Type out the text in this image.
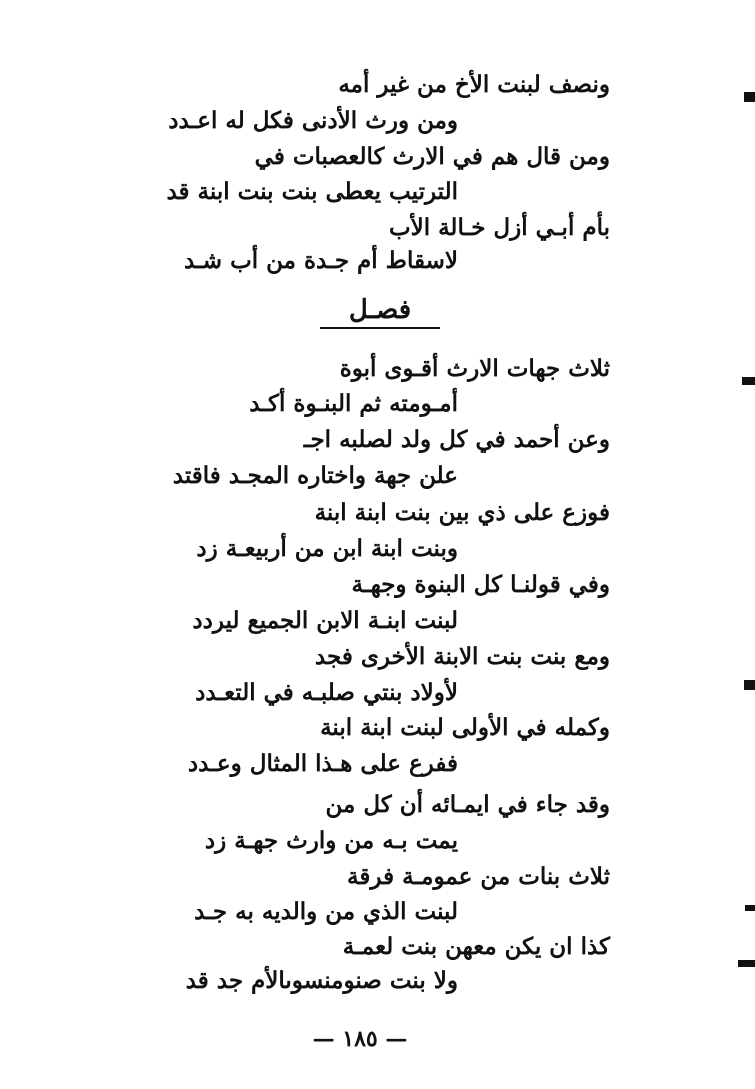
ونصف لبنت الأخ من غير أمه
ومن ورث الأدنى فكل له اعـدد
ومن قال هم في الارث كالعصبات في
الترتيب يعطى بنت بنت ابنة قد
بأم أبـي أزل خـالة الأب
لاسقاط أم جـدة من أب شـد
فصـل
ثلاث جهات الارث أقـوى أبوة
أمـومته ثم البنـوة أكـد
وعن أحمد في كل ولد لصلبه اجـ
علن جهة واختاره المجـد فاقتد
فوزع على ذي بين بنت ابنة ابنة
وبنت ابنة ابن من أربيعـة زد
وفي قولنـا كل البنوة وجهـة
لبنت ابنـة الابن الجميع ليردد
ومع بنت بنت الابنة الأخرى فجد
لأولاد بنتي صلبـه في التعـدد
وكمله في الأولى لبنت ابنة ابنة
ففرع على هـذا المثال وعـدد
وقد جاء في ايمـائه أن كل من
يمت بـه من وارث جهـة زد
ثلاث بنات من عمومـة فرقة
لبنت الذي من والديه به جـد
كذا ان يكن معهن بنت لعمـة
ولا بنت صنومنسوىالأم جد قد
— ١٨٥ —
